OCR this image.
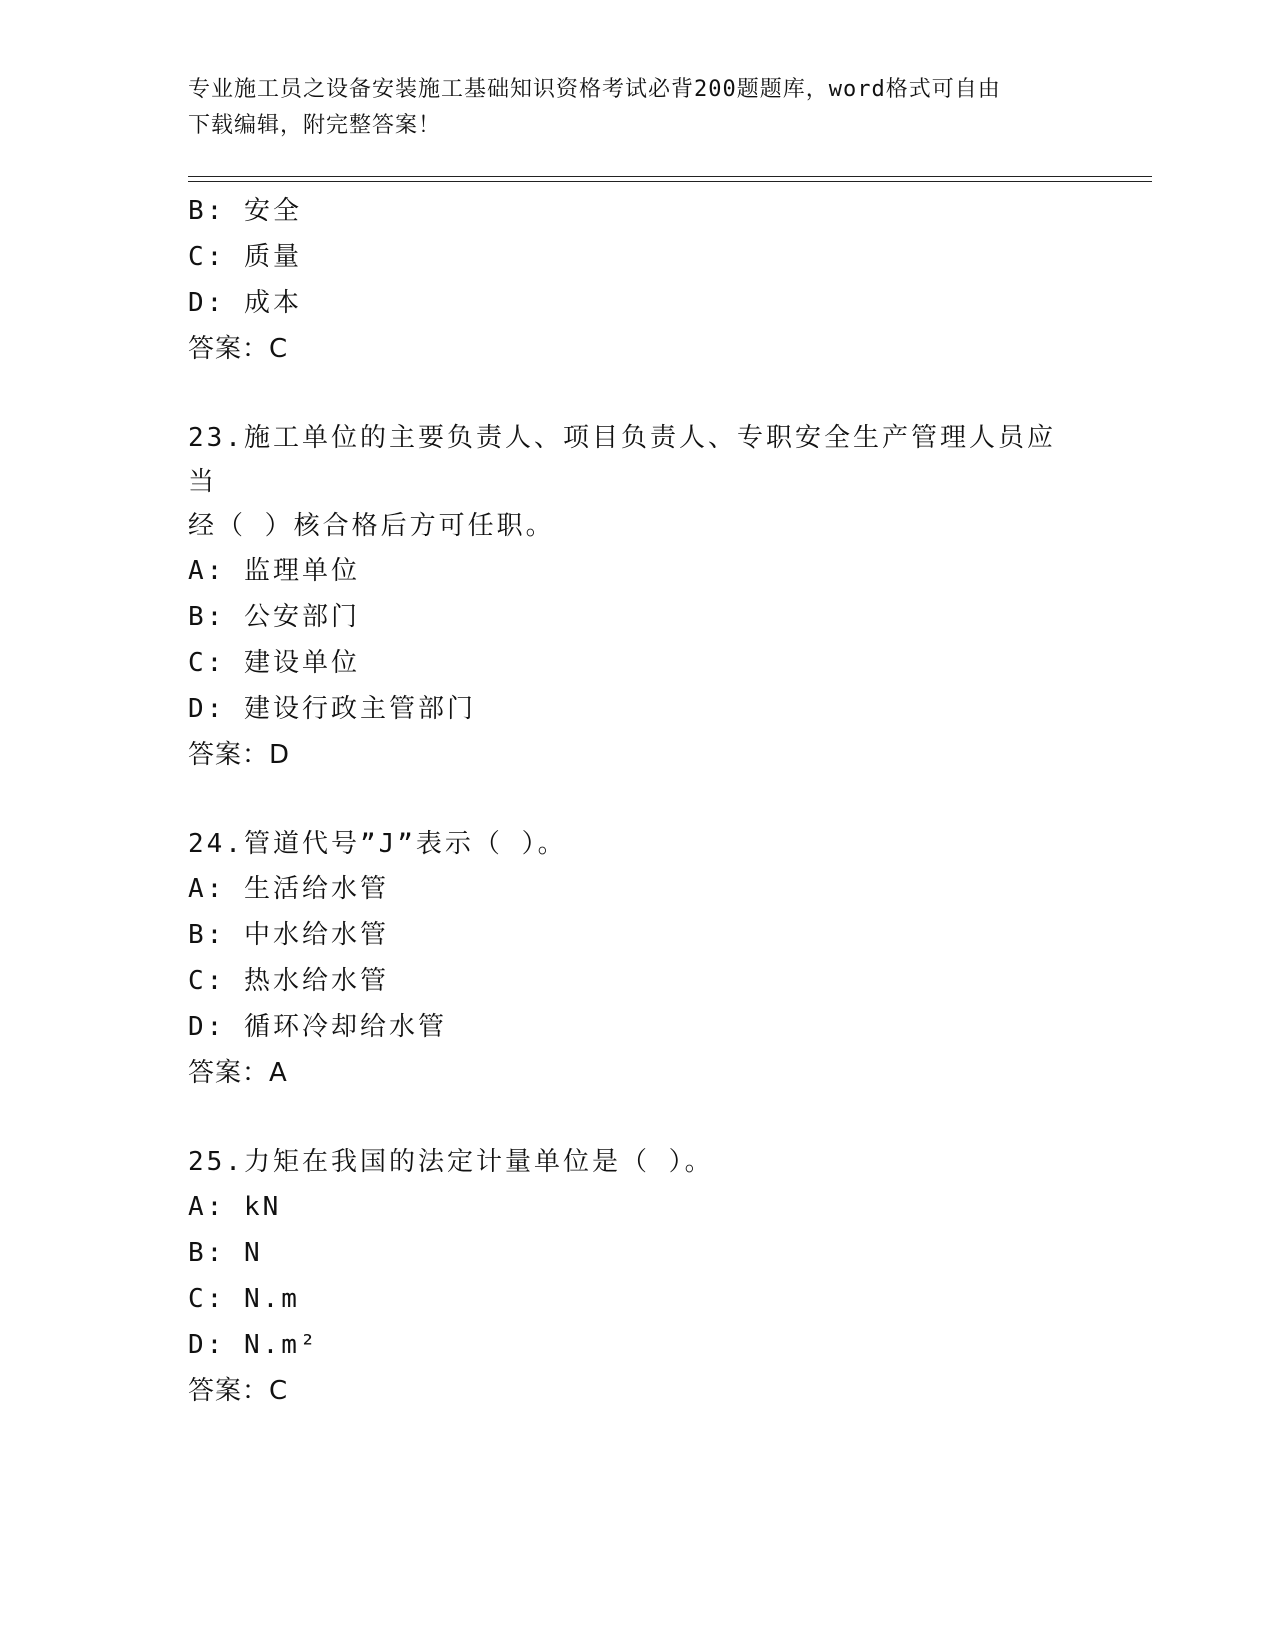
专业施工员之设备安装施工基础知识资格考试必背200题题库，word格式可自由
下载编辑，附完整答案！
B: 安全
C: 质量
D: 成本
答案：C
23.施工单位的主要负责人、项目负责人、专职安全生产管理人员应当
经（ ）核合格后方可任职。
A: 监理单位
B: 公安部门
C: 建设单位
D: 建设行政主管部门
答案：D
24.管道代号”J”表示（ ）。
A: 生活给水管
B: 中水给水管
C: 热水给水管
D: 循环冷却给水管
答案：A
25.力矩在我国的法定计量单位是（ ）。
A: kN
B: N
C: N.m
D: N.m²
答案：C
